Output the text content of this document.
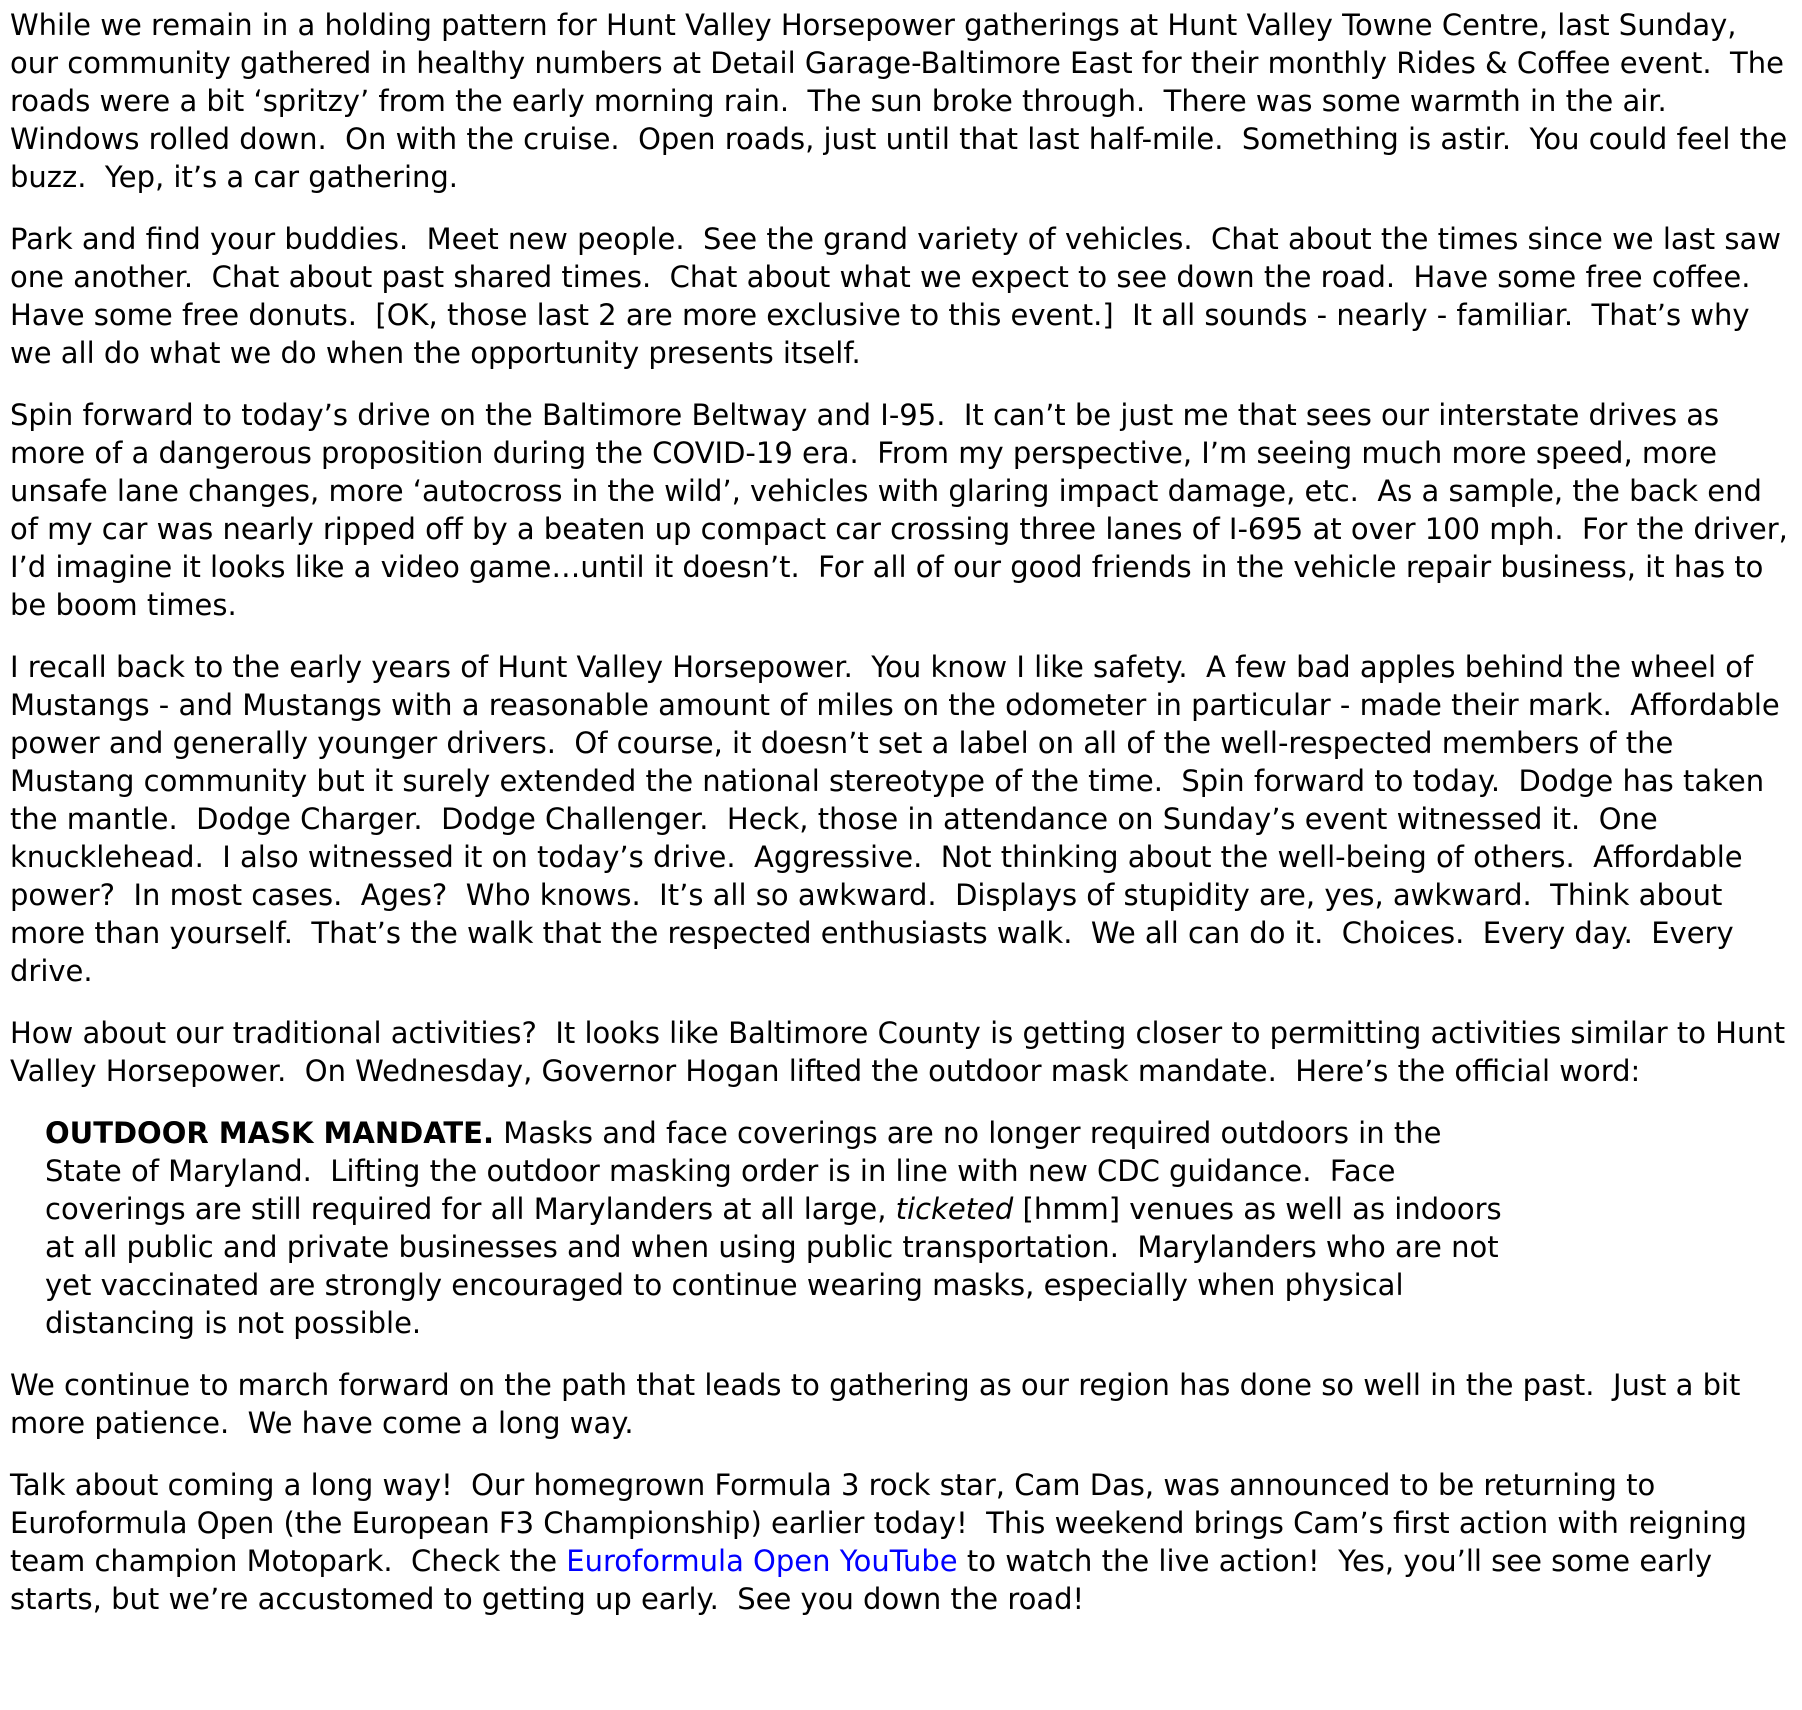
While we remain in a holding pattern for Hunt Valley Horsepower gatherings at Hunt Valley Towne Centre, last Sunday, our community gathered in healthy numbers at Detail Garage-Baltimore East for their monthly Rides & Coffee event.  The roads were a bit ‘spritzy’ from the early morning rain.  The sun broke through.  There was some warmth in the air.  Windows rolled down.  On with the cruise.  Open roads, just until that last half-mile.  Something is astir.  You could feel the buzz.  Yep, it’s a car gathering.

Park and find your buddies.  Meet new people.  See the grand variety of vehicles.  Chat about the times since we last saw one another.  Chat about past shared times.  Chat about what we expect to see down the road.  Have some free coffee.  Have some free donuts.  [OK, those last 2 are more exclusive to this event.]  It all sounds - nearly - familiar.  That’s why we all do what we do when the opportunity presents itself.

Spin forward to today’s drive on the Baltimore Beltway and I-95.  It can’t be just me that sees our interstate drives as more of a dangerous proposition during the COVID-19 era.  From my perspective, I’m seeing much more speed, more unsafe lane changes, more ‘autocross in the wild’, vehicles with glaring impact damage, etc.  As a sample, the back end of my car was nearly ripped off by a beaten up compact car crossing three lanes of I-695 at over 100 mph.  For the driver, I’d imagine it looks like a video game…until it doesn’t.  For all of our good friends in the vehicle repair business, it has to be boom times.

I recall back to the early years of Hunt Valley Horsepower.  You know I like safety.  A few bad apples behind the wheel of Mustangs - and Mustangs with a reasonable amount of miles on the odometer in particular - made their mark.  Affordable power and generally younger drivers.  Of course, it doesn’t set a label on all of the well-respected members of the Mustang community but it surely extended the national stereotype of the time.  Spin forward to today.  Dodge has taken the mantle.  Dodge Charger.  Dodge Challenger.  Heck, those in attendance on Sunday’s event witnessed it.  One knucklehead.  I also witnessed it on today’s drive.  Aggressive.  Not thinking about the well-being of others.  Affordable power?  In most cases.  Ages?  Who knows.  It’s all so awkward.  Displays of stupidity are, yes, awkward.  Think about more than yourself.  That’s the walk that the respected enthusiasts walk.  We all can do it.  Choices.  Every day.  Every drive.

How about our traditional activities?  It looks like Baltimore County is getting closer to permitting activities similar to Hunt Valley Horsepower.  On Wednesday, Governor Hogan lifted the outdoor mask mandate.  Here’s the official word:

OUTDOOR MASK MANDATE. Masks and face coverings are no longer required outdoors in the State of Maryland.  Lifting the outdoor masking order is in line with new CDC guidance.  Face coverings are still required for all Marylanders at all large, ticketed [hmm] venues as well as indoors at all public and private businesses and when using public transportation.  Marylanders who are not yet vaccinated are strongly encouraged to continue wearing masks, especially when physical distancing is not possible.

We continue to march forward on the path that leads to gathering as our region has done so well in the past.  Just a bit more patience.  We have come a long way.

Talk about coming a long way!  Our homegrown Formula 3 rock star, Cam Das, was announced to be returning to Euroformula Open (the European F3 Championship) earlier today!  This weekend brings Cam’s first action with reigning team champion Motopark.  Check the Euroformula Open YouTube to watch the live action!  Yes, you’ll see some early starts, but we’re accustomed to getting up early.  See you down the road!
